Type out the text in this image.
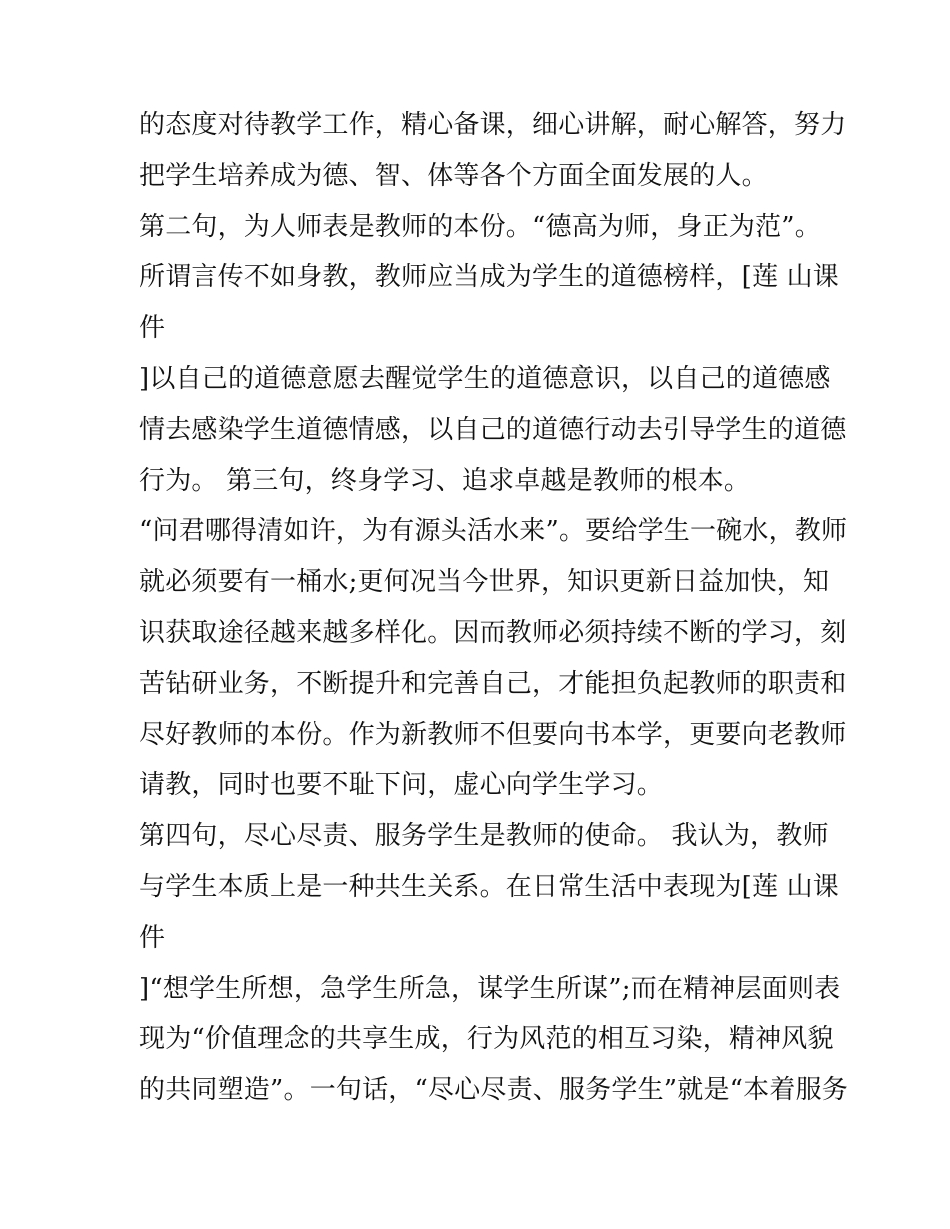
的态度对待教学工作，精心备课，细心讲解，耐心解答，努力
把学生培养成为德、智、体等各个方面全面发展的人。
第二句，为人师表是教师的本份。“德高为师，身正为范”。
所谓言传不如身教，教师应当成为学生的道德榜样，[莲 山课
件
]以自己的道德意愿去醒觉学生的道德意识，以自己的道德感
情去感染学生道德情感，以自己的道德行动去引导学生的道德
行为。 第三句，终身学习、追求卓越是教师的根本。
“问君哪得清如许，为有源头活水来”。要给学生一碗水，教师
就必须要有一桶水;更何况当今世界，知识更新日益加快，知
识获取途径越来越多样化。因而教师必须持续不断的学习，刻
苦钻研业务，不断提升和完善自己，才能担负起教师的职责和
尽好教师的本份。作为新教师不但要向书本学，更要向老教师
请教，同时也要不耻下问，虚心向学生学习。
第四句，尽心尽责、服务学生是教师的使命。 我认为，教师
与学生本质上是一种共生关系。在日常生活中表现为[莲 山课
件
]“想学生所想，急学生所急，谋学生所谋”;而在精神层面则表
现为“价值理念的共享生成，行为风范的相互习染，精神风貌
的共同塑造”。一句话，“尽心尽责、服务学生”就是“本着服务
